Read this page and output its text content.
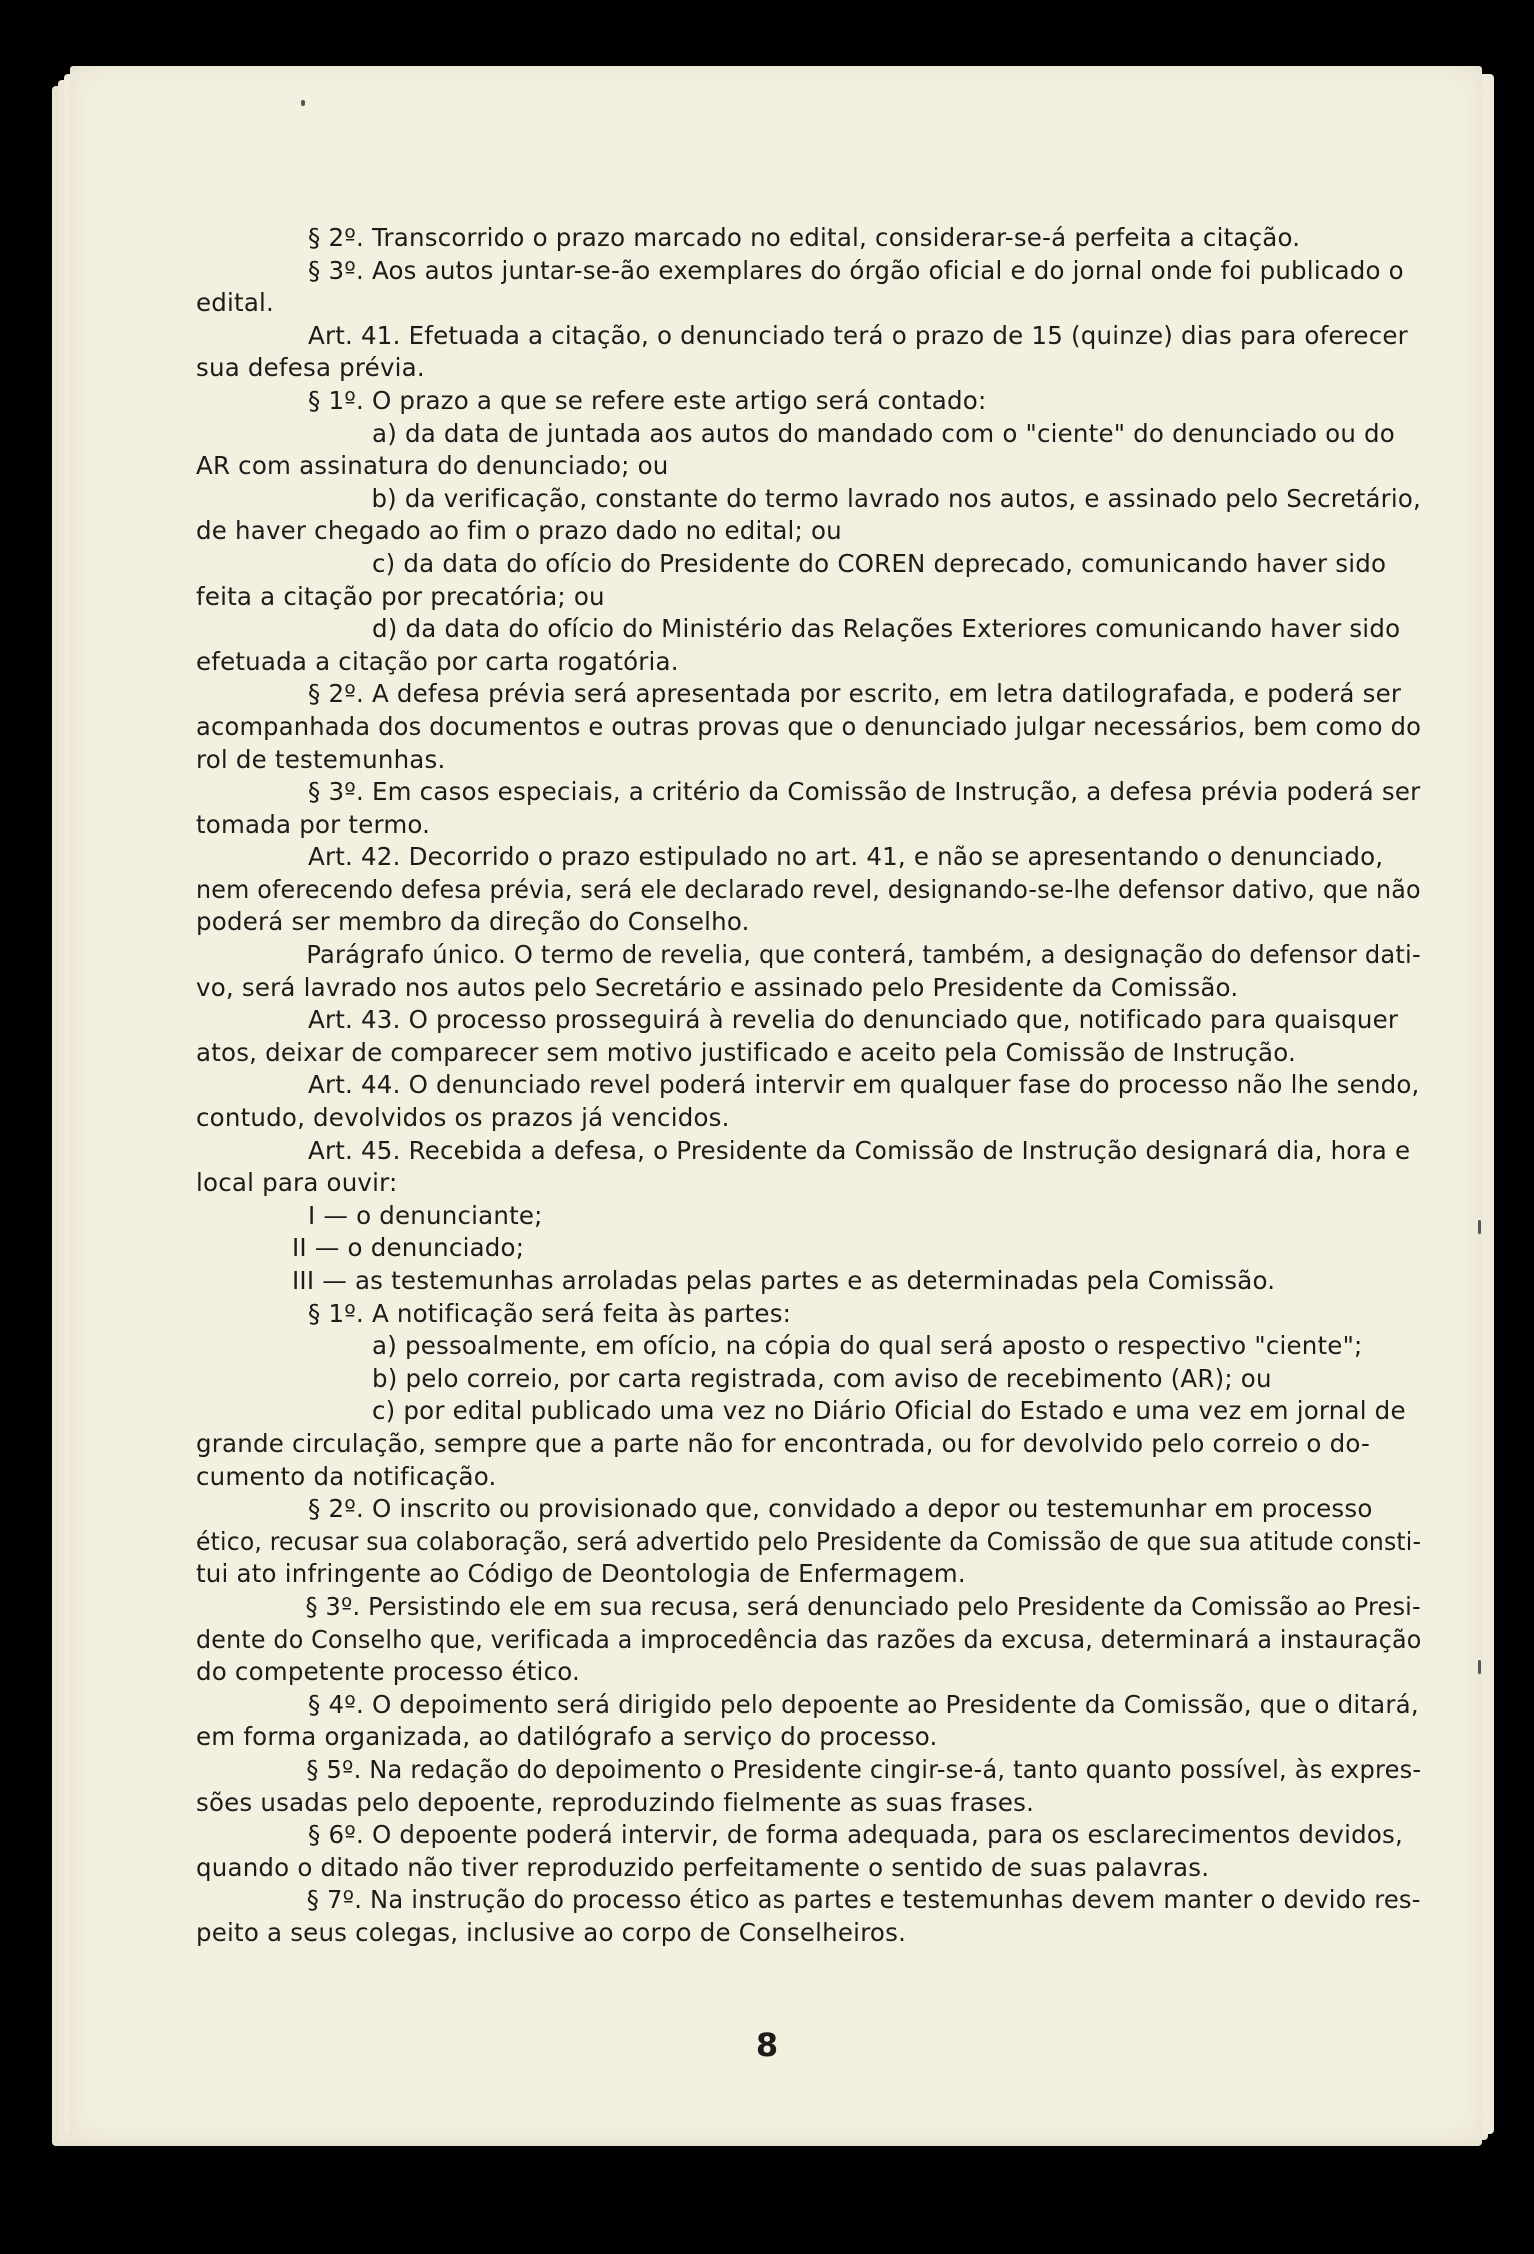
§ 2º. Transcorrido o prazo marcado no edital, considerar-se-á perfeita a citação.

§ 3º. Aos autos juntar-se-ão exemplares do órgão oficial e do jornal onde foi publicado o

edital.

Art. 41. Efetuada a citação, o denunciado terá o prazo de 15 (quinze) dias para oferecer

sua defesa prévia.

§ 1º. O prazo a que se refere este artigo será contado:

a) da data de juntada aos autos do mandado com o "ciente" do denunciado ou do

AR com assinatura do denunciado; ou

b) da verificação, constante do termo lavrado nos autos, e assinado pelo Secretário,

de haver chegado ao fim o prazo dado no edital; ou

c) da data do ofício do Presidente do COREN deprecado, comunicando haver sido

feita a citação por precatória; ou

d) da data do ofício do Ministério das Relações Exteriores comunicando haver sido

efetuada a citação por carta rogatória.

§ 2º. A defesa prévia será apresentada por escrito, em letra datilografada, e poderá ser

acompanhada dos documentos e outras provas que o denunciado julgar necessários, bem como do

rol de testemunhas.

§ 3º. Em casos especiais, a critério da Comissão de Instrução, a defesa prévia poderá ser

tomada por termo.

Art. 42. Decorrido o prazo estipulado no art. 41, e não se apresentando o denunciado,

nem oferecendo defesa prévia, será ele declarado revel, designando-se-lhe defensor dativo, que não

poderá ser membro da direção do Conselho.

Parágrafo único. O termo de revelia, que conterá, também, a designação do defensor dati-

vo, será lavrado nos autos pelo Secretário e assinado pelo Presidente da Comissão.

Art. 43. O processo prosseguirá à revelia do denunciado que, notificado para quaisquer

atos, deixar de comparecer sem motivo justificado e aceito pela Comissão de Instrução.

Art. 44. O denunciado revel poderá intervir em qualquer fase do processo não lhe sendo,

contudo, devolvidos os prazos já vencidos.

Art. 45. Recebida a defesa, o Presidente da Comissão de Instrução designará dia, hora e

local para ouvir:

I — o denunciante;

II — o denunciado;

III — as testemunhas arroladas pelas partes e as determinadas pela Comissão.

§ 1º. A notificação será feita às partes:

a) pessoalmente, em ofício, na cópia do qual será aposto o respectivo "ciente";

b) pelo correio, por carta registrada, com aviso de recebimento (AR); ou

c) por edital publicado uma vez no Diário Oficial do Estado e uma vez em jornal de

grande circulação, sempre que a parte não for encontrada, ou for devolvido pelo correio o do-

cumento da notificação.

§ 2º. O inscrito ou provisionado que, convidado a depor ou testemunhar em processo

ético, recusar sua colaboração, será advertido pelo Presidente da Comissão de que sua atitude consti-

tui ato infringente ao Código de Deontologia de Enfermagem.

§ 3º. Persistindo ele em sua recusa, será denunciado pelo Presidente da Comissão ao Presi-

dente do Conselho que, verificada a improcedência das razões da excusa, determinará a instauração

do competente processo ético.

§ 4º. O depoimento será dirigido pelo depoente ao Presidente da Comissão, que o ditará,

em forma organizada, ao datilógrafo a serviço do processo.

§ 5º. Na redação do depoimento o Presidente cingir-se-á, tanto quanto possível, às expres-

sões usadas pelo depoente, reproduzindo fielmente as suas frases.

§ 6º. O depoente poderá intervir, de forma adequada, para os esclarecimentos devidos,

quando o ditado não tiver reproduzido perfeitamente o sentido de suas palavras.

§ 7º. Na instrução do processo ético as partes e testemunhas devem manter o devido res-

peito a seus colegas, inclusive ao corpo de Conselheiros.

8
